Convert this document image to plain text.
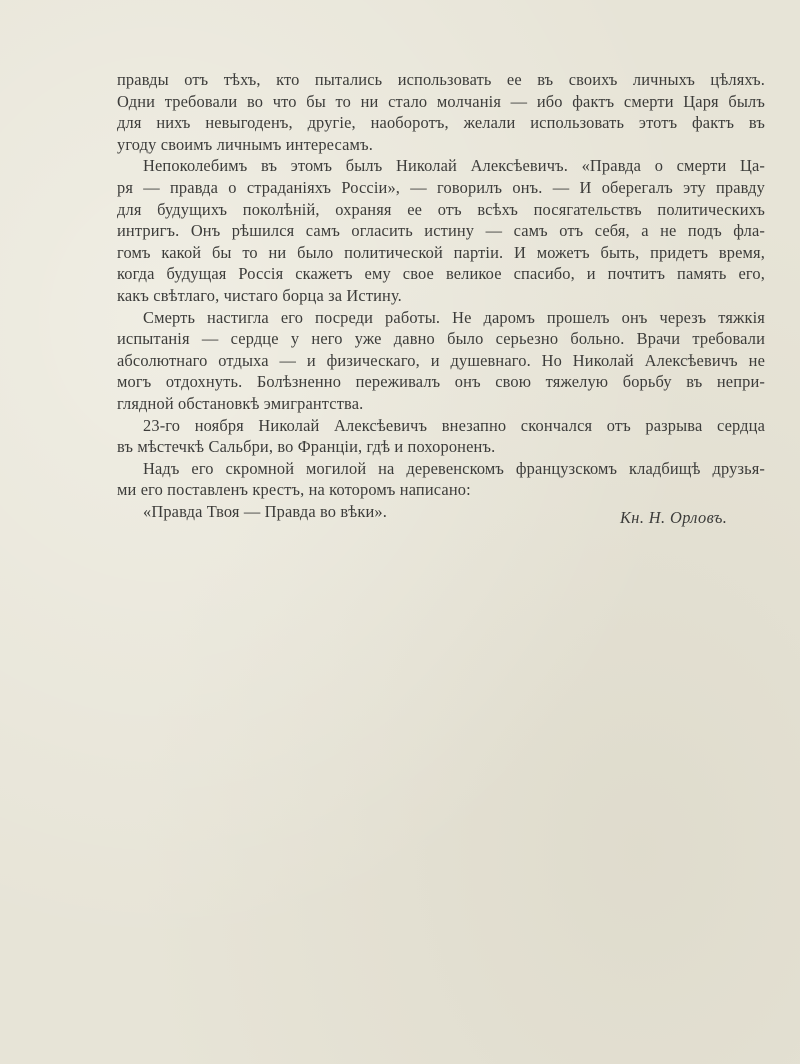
правды отъ тѣхъ, кто пытались использовать ее въ своихъ личныхъ цѣляхъ.
Одни требовали во что бы то ни стало молчанія — ибо фактъ смерти Царя былъ
для нихъ невыгоденъ, другіе, наоборотъ, желали использовать этотъ фактъ въ
угоду своимъ личнымъ интересамъ.
Непоколебимъ въ этомъ былъ Николай Алексѣевичъ. «Правда о смерти Ца-
ря — правда о страданіяхъ Россіи», — говорилъ онъ. — И оберегалъ эту правду
для будущихъ поколѣній, охраняя ее отъ всѣхъ посягательствъ политическихъ
интригъ. Онъ рѣшился самъ огласить истину — самъ отъ себя, а не подъ фла-
гомъ какой бы то ни было политической партіи. И можетъ быть, придетъ время,
когда будущая Россія скажетъ ему свое великое спасибо, и почтитъ память его,
какъ свѣтлаго, чистаго борца за Истину.
Смерть настигла его посреди работы. Не даромъ прошелъ онъ черезъ тяжкія
испытанія — сердце у него уже давно было серьезно больно. Врачи требовали
абсолютнаго отдыха — и физическаго, и душевнаго. Но Николай Алексѣевичъ не
могъ отдохнуть. Болѣзненно переживалъ онъ свою тяжелую борьбу въ непри-
глядной обстановкѣ эмигрантства.
23-го ноября Николай Алексѣевичъ внезапно скончался отъ разрыва сердца
въ мѣстечкѣ Сальбри, во Франціи, гдѣ и похороненъ.
Надъ его скромной могилой на деревенскомъ французскомъ кладбищѣ друзья-
ми его поставленъ крестъ, на которомъ написано:
«Правда Твоя — Правда во вѣки».	Кн. Н. Орловъ.
